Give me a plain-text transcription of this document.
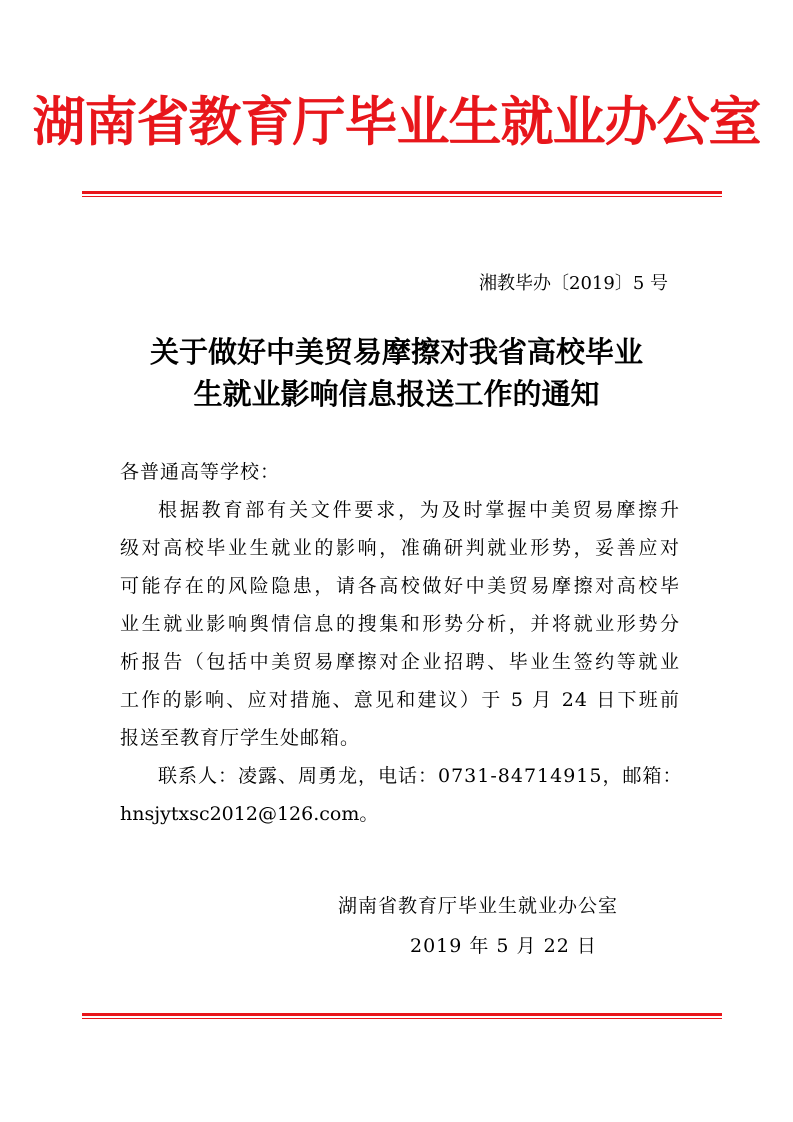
湖南省教育厅毕业生就业办公室
湘教毕办〔2019〕5 号
关于做好中美贸易摩擦对我省高校毕业
生就业影响信息报送工作的通知
各普通高等学校：
根据教育部有关文件要求，为及时掌握中美贸易摩擦升
级对高校毕业生就业的影响，准确研判就业形势，妥善应对
可能存在的风险隐患，请各高校做好中美贸易摩擦对高校毕
业生就业影响舆情信息的搜集和形势分析，并将就业形势分
析报告（包括中美贸易摩擦对企业招聘、毕业生签约等就业
工作的影响、应对措施、意见和建议）于 5 月 24 日下班前
报送至教育厅学生处邮箱。
联系人：凌露、周勇龙，电话：0731-84714915，邮箱：
hnsjytxsc2012@126.com。
湖南省教育厅毕业生就业办公室
2019 年 5 月 22 日
